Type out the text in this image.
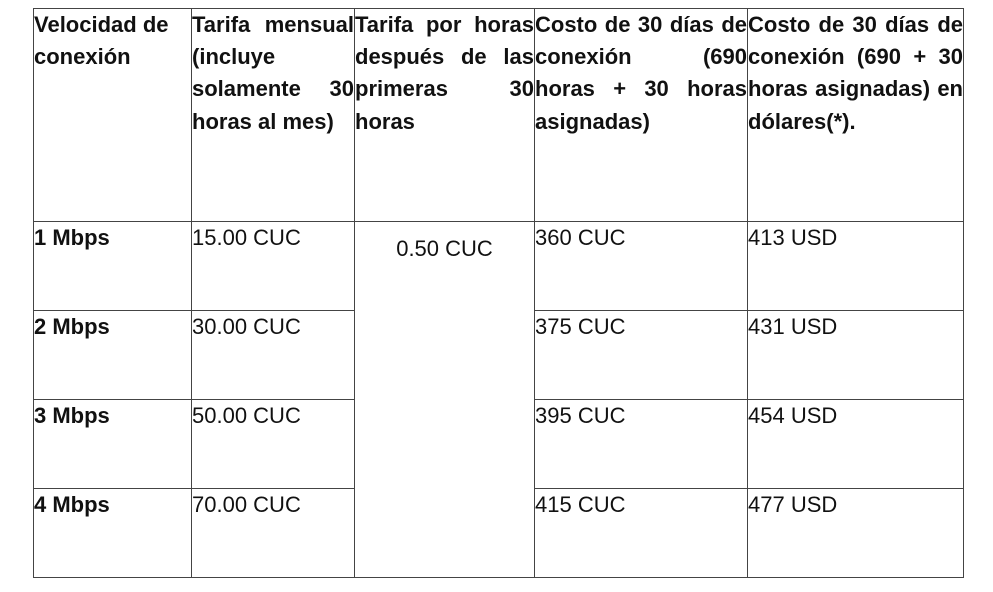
Velocidad de conexión	Tarifa mensual (incluye solamente 30 horas al mes)	Tarifa por horas después de las primeras 30 horas	Costo de 30 días de conexión (690 horas + 30 horas asignadas)	Costo de 30 días de conexión (690 + 30 horas asignadas) en dólares(*).

1 Mbps	15.00 CUC	0.50 CUC	360 CUC	413 USD
2 Mbps	30.00 CUC		375 CUC	431 USD
3 Mbps	50.00 CUC		395 CUC	454 USD
4 Mbps	70.00 CUC		415 CUC	477 USD
